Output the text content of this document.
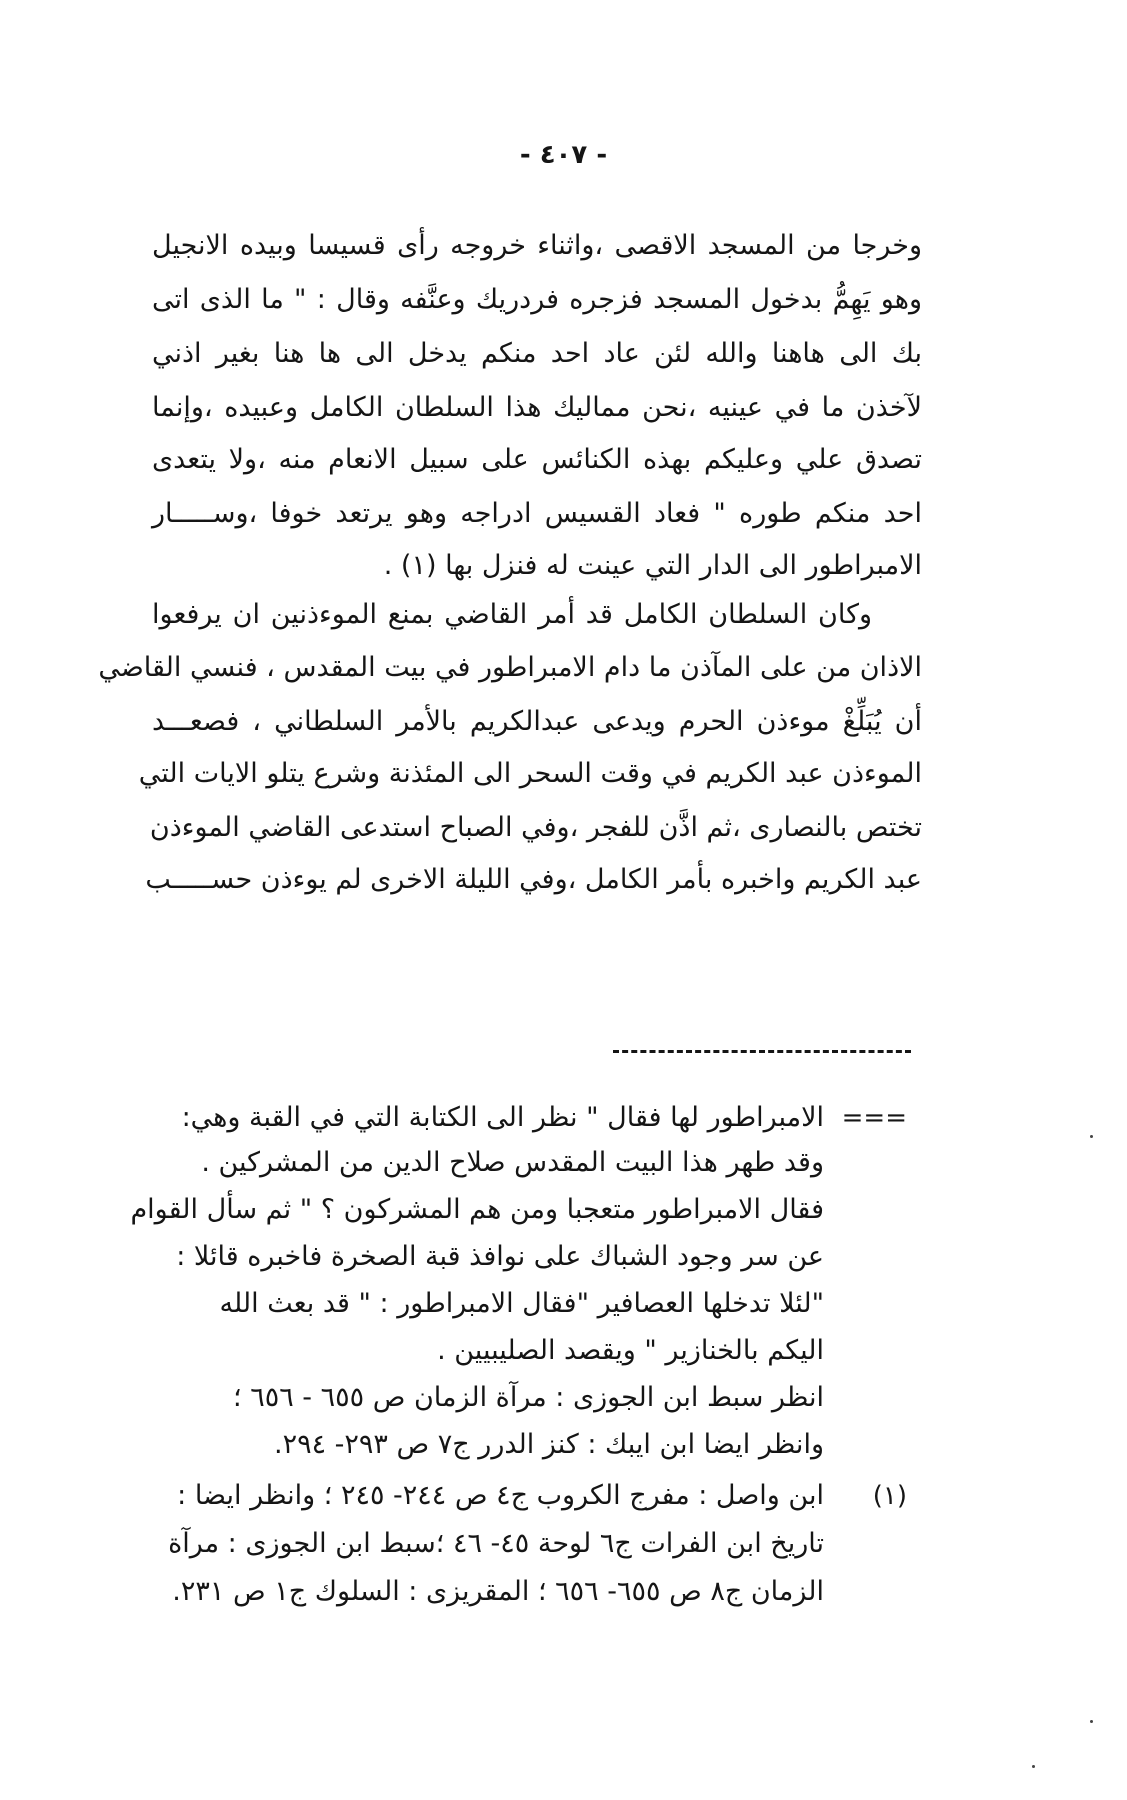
- ٤٠٧ -
وخرجا من المسجد الاقصى ،واثناء خروجه رأى قسيسا وبيده الانجيل
وهو يَهِمُّ بدخول المسجد فزجره فردريك وعنَّفه وقال : " ما الذى اتى
بك الى هاهنا والله لئن عاد احد منكم يدخل الى ها هنا بغير اذني
لآخذن ما في عينيه ،نحن مماليك هذا السلطان الكامل وعبيده ،وإنما
تصدق علي وعليكم بهذه الكنائس على سبيل الانعام منه ،ولا يتعدى
احد منكم طوره " فعاد القسيس ادراجه وهو يرتعد خوفا ،وســـــار
الامبراطور الى الدار التي عينت له فنزل بها (١) .
وكان السلطان الكامل قد أمر القاضي بمنع الموءذنين ان يرفعوا
الاذان من على المآذن ما دام الامبراطور في بيت المقدس ، فنسي القاضي
أن يُبَلِّغْ موءذن الحرم ويدعى عبدالكريم بالأمر السلطاني ، فصعـــد
الموءذن عبد الكريم في وقت السحر الى المئذنة وشرع يتلو الايات التي
تختص بالنصارى ،ثم اذَّن للفجر ،وفي الصباح استدعى القاضي الموءذن
عبد الكريم واخبره بأمر الكامل ،وفي الليلة الاخرى لم يوءذن حســـــب
===
الامبراطور لها فقال " نظر الى الكتابة التي في القبة وهي:
وقد طهر هذا البيت المقدس صلاح الدين من المشركين .
فقال الامبراطور متعجبا ومن هم المشركون ؟ " ثم سأل القوام
عن سر وجود الشباك على نوافذ قبة الصخرة فاخبره قائلا :
"لئلا تدخلها العصافير "فقال الامبراطور : " قد بعث الله
اليكم بالخنازير " ويقصد الصليبيين .
انظر سبط ابن الجوزى : مرآة الزمان ص ٦٥٥ - ٦٥٦ ؛
وانظر ايضا ابن ايبك : كنز الدرر ج٧ ص ٢٩٣- ٢٩٤.
(١)
ابن واصل : مفرج الكروب ج٤ ص ٢٤٤- ٢٤٥ ؛ وانظر ايضا :
تاريخ ابن الفرات ج٦ لوحة ٤٥- ٤٦ ؛سبط ابن الجوزى : مرآة
الزمان ج٨ ص ٦٥٥- ٦٥٦ ؛ المقريزى : السلوك ج١ ص ٢٣١.
